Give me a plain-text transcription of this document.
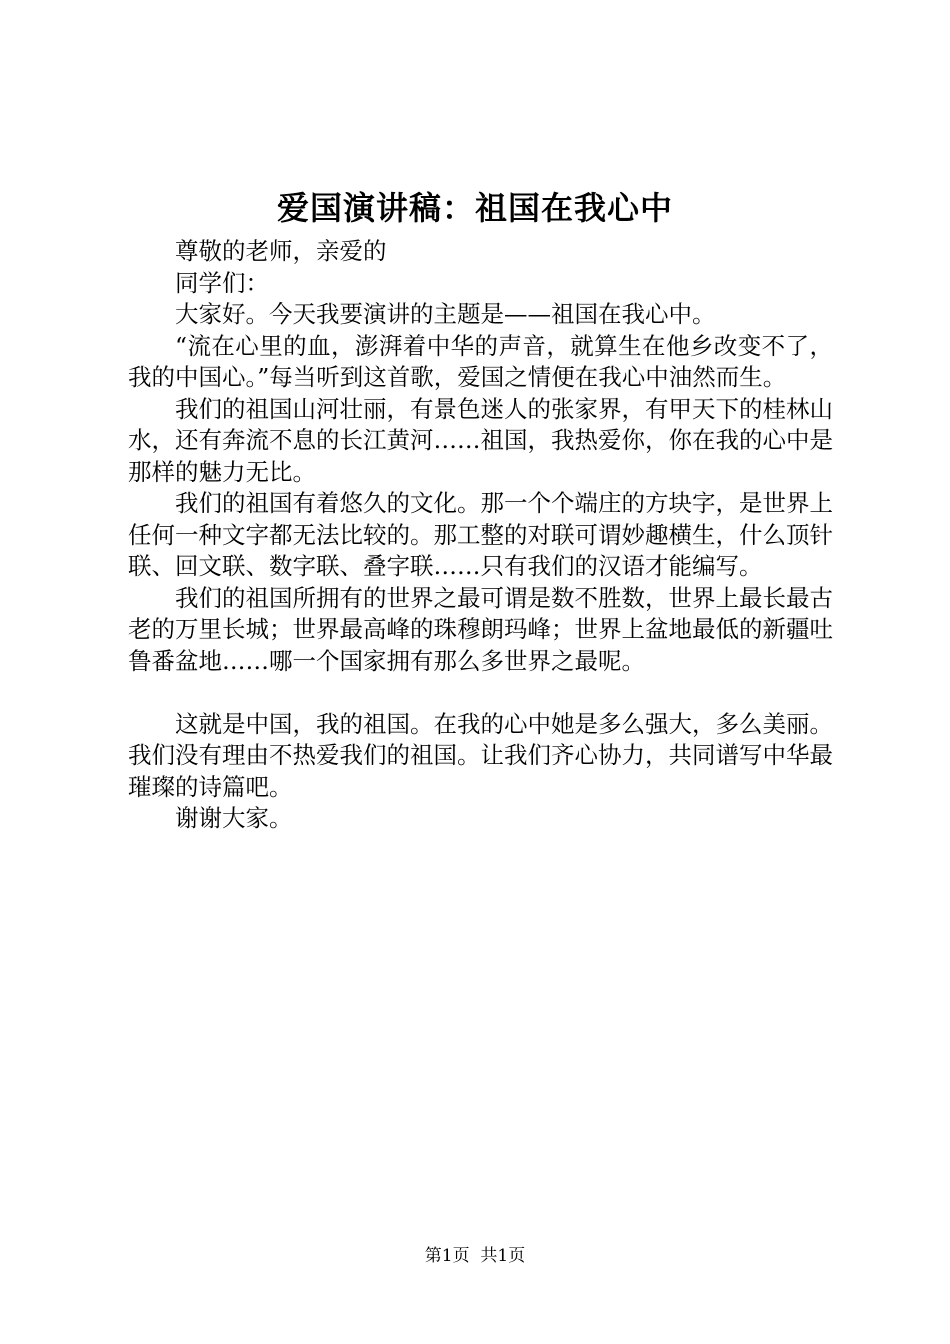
爱国演讲稿：祖国在我心中

尊敬的老师，亲爱的

同学们：

大家好。今天我要演讲的主题是——祖国在我心中。

“流在心里的血，澎湃着中华的声音，就算生在他乡改变不了，我的中国心。”每当听到这首歌，爱国之情便在我心中油然而生。

我们的祖国山河壮丽，有景色迷人的张家界，有甲天下的桂林山水，还有奔流不息的长江黄河……祖国，我热爱你，你在我的心中是那样的魅力无比。

我们的祖国有着悠久的文化。那一个个端庄的方块字，是世界上任何一种文字都无法比较的。那工整的对联可谓妙趣横生，什么顶针联、回文联、数字联、叠字联……只有我们的汉语才能编写。

我们的祖国所拥有的世界之最可谓是数不胜数，世界上最长最古老的万里长城；世界最高峰的珠穆朗玛峰；世界上盆地最低的新疆吐鲁番盆地……哪一个国家拥有那么多世界之最呢。

这就是中国，我的祖国。在我的心中她是多么强大，多么美丽。我们没有理由不热爱我们的祖国。让我们齐心协力，共同谱写中华最璀璨的诗篇吧。

谢谢大家。

第1页 共1页
